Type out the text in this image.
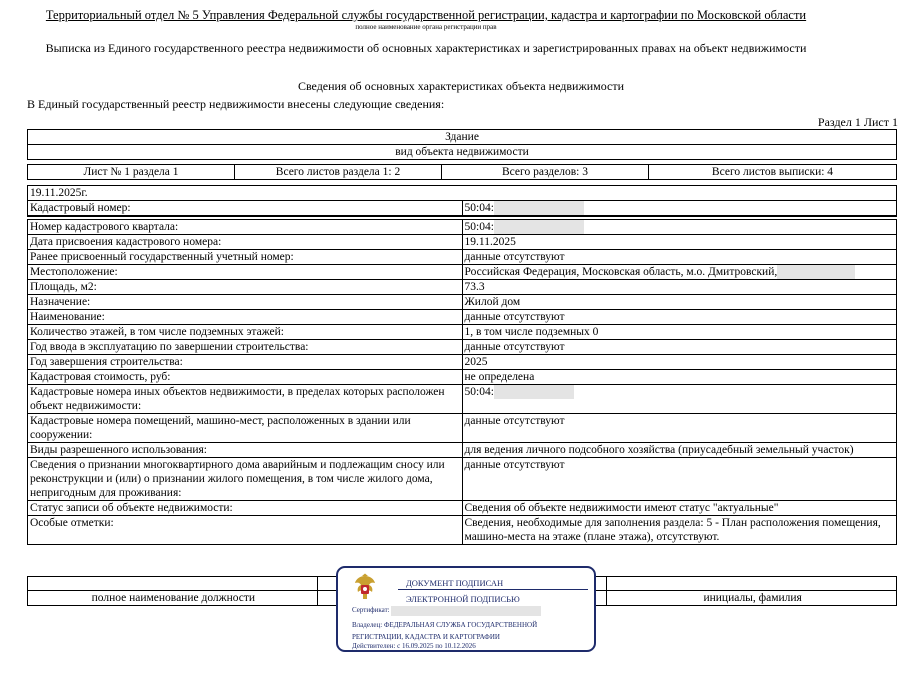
Территориальный отдел № 5 Управления Федеральной службы государственной регистрации, кадастра и картографии по Московской области
полное наименование органа регистрации прав
Выписка из Единого государственного реестра недвижимости об основных характеристиках и зарегистрированных правах на объект недвижимости
Сведения об основных характеристиках объекта недвижимости
В Единый государственный реестр недвижимости внесены следующие сведения:
Раздел 1 Лист 1
Здание
вид объекта недвижимости
Лист № 1 раздела 1	Всего листов раздела 1: 2	Всего разделов: 3	Всего листов выписки: 4
19.11.2025г.	
Кадастровый номер:	50:04:

Номер кадастрового квартала:	50:04:
Дата присвоения кадастрового номера:	19.11.2025
Ранее присвоенный государственный учетный номер:	данные отсутствуют
Местоположение:	Российская Федерация, Московская область, м.о. Дмитровский,
Площадь, м2:	73.3
Назначение:	Жилой дом
Наименование:	данные отсутствуют
Количество этажей, в том числе подземных этажей:	1, в том числе подземных 0
Год ввода в эксплуатацию по завершении строительства:	данные отсутствуют
Год завершения строительства:	2025
Кадастровая стоимость, руб:	не определена
Кадастровые номера иных объектов недвижимости, в пределах которых расположен объект недвижимости:	50:04:
Кадастровые номера помещений, машино-мест, расположенных в здании или сооружении:	данные отсутствуют
Виды разрешенного использования:	для ведения личного подсобного хозяйства (приусадебный земельный участок)
Сведения о признании многоквартирного дома аварийным и подлежащим сносу или реконструкции и (или) о признании жилого помещения, в том числе жилого дома, непригодным для проживания:	данные отсутствуют
Статус записи об объекте недвижимости:	Сведения об объекте недвижимости имеют статус "актуальные"
Особые отметки:	Сведения, необходимые для заполнения раздела: 5 - План расположения помещения, машино-места на этаже (плане этажа), отсутствуют.

полное наименование должности		инициалы, фамилия
ДОКУМЕНТ ПОДПИСАН
ЭЛЕКТРОННОЙ ПОДПИСЬЮ
Сертификат:
Владелец: ФЕДЕРАЛЬНАЯ СЛУЖБА ГОСУДАРСТВЕННОЙ РЕГИСТРАЦИИ, КАДАСТРА И КАРТОГРАФИИ
Действителен: с 16.09.2025 по 10.12.2026
